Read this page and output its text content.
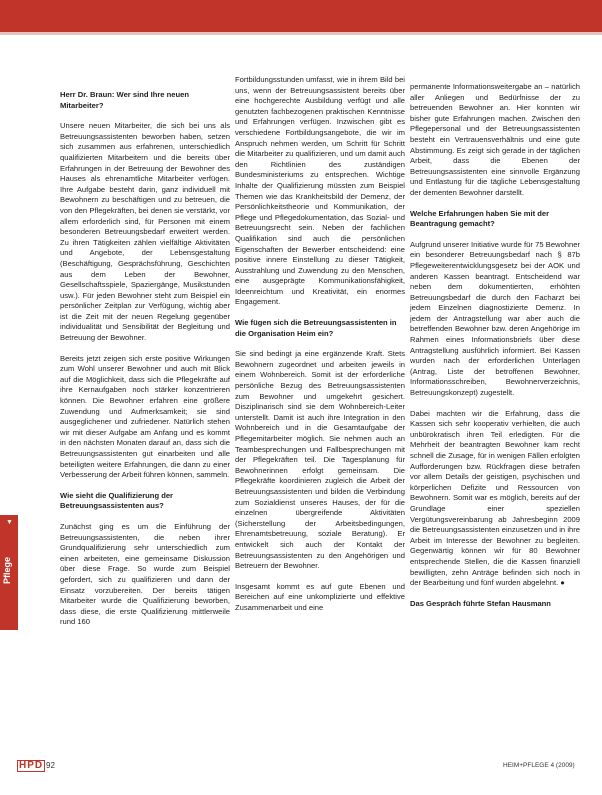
▼
Pflege
Herr Dr. Braun: Wer sind Ihre neuen Mitarbeiter?
Unsere neuen Mitarbeiter, die sich bei uns als Betreuungsassistenten beworben haben, setzen sich zusammen aus erfahrenen, unterschiedlich qualifizierten Mitarbeitern und die bereits über Erfahrungen in der Betreuung der Bewohner des Hauses als ehrenamtliche Mitarbeiter verfügen. Ihre Aufgabe besteht darin, ganz individuell mit Bewohnern zu beschäftigen und zu betreuen, die von den Pflegekräften, bei denen sie verstärkt, vor allem erforderlich sind, für Personen mit einem besonderen Betreuungsbedarf erweitert werden. Zu ihren Tätigkeiten zählen vielfältige Aktivitäten und Angebote, der Lebensgestaltung (Beschäftigung, Gesprächsführung, Geschichten aus dem Leben der Bewohner, Gesellschaftsspiele, Spaziergänge, Musikstunden usw.). Für jeden Bewohner steht zum Beispiel ein persönlicher Zeitplan zur Verfügung, wichtig aber ist die Zeit mit der neuen Regelung gegenüber individualität und Sensibilität der Begleitung und Betreuung der Bewohner.
Bereits jetzt zeigen sich erste positive Wirkungen zum Wohl unserer Bewohner und auch mit Blick auf die Möglichkeit, dass sich die Pflegekräfte auf ihre Kernaufgaben noch stärker konzentrieren können. Die Bewohner erfahren eine größere Zuwendung und Aufmerksamkeit; sie sind ausgeglichener und zufriedener. Natürlich stehen wir mit dieser Aufgabe am Anfang und es kommt in den nächsten Monaten darauf an, dass sich die Betreuungsassistenten gut einarbeiten und alle beteiligten weitere Erfahrungen, die dann zu einer Verbesserung der Arbeit führen können, sammeln.
Wie sieht die Qualifizierung der Betreuungsassistenten aus?
Zunächst ging es um die Einführung der Betreuungsassistenten, die neben ihrer Grundqualifizierung sehr unterschiedlich zum einen arbeiteten, eine gemeinsame Diskussion über diese Frage. So wurde zum Beispiel gefordert, sich zu qualifizieren und dann der Einsatz vorzubereiten. Der bereits tätigen Mitarbeiter wurde die Qualifizierung beworben, dass diese, die erste Qualifizierung mittlerweile rund 160
Fortbildungsstunden umfasst, wie in ihrem Bild bei uns, wenn der Betreuungsassistent bereits über eine hochgerechte Ausbildung verfügt und alle genutzten fachbezogenen praktischen Kenntnisse und Erfahrungen verfügen. Inzwischen gibt es verschiedene Fortbildungsangebote, die wir im Anspruch nehmen werden, um Schritt für Schritt die Mitarbeiter zu qualifizieren, und um damit auch den Richtlinien des zuständigen Bundesministeriums zu entsprechen. Wichtige Inhalte der Qualifizierung müssten zum Beispiel Themen wie das Krankheitsbild der Demenz, der Persönlichkeitstheorie und Kommunikation, der Pflege und Pflegedokumentation, das Sozial- und Betreuungsrecht sein. Neben der fachlichen Qualifikation sind auch die persönlichen Eigenschaften der Bewerber entscheidend: eine positive innere Einstellung zu dieser Tätigkeit, Ausstrahlung und Zuwendung zu den Menschen, eine ausgeprägte Kommunikationsfähigkeit, Ideenreichtum und Kreativität, ein enormes Engagement.
Wie fügen sich die Betreuungsassistenten in die Organisation Heim ein?
Sie sind bedingt ja eine ergänzende Kraft. Stets Bewohnern zugeordnet und arbeiten jeweils in einem Wohnbereich. Somit ist der erforderliche persönliche Bezug des Betreuungsassistenten zum Bewohner und umgekehrt gesichert. Disziplinarisch sind sie dem Wohnbereich-Leiter unterstellt. Damit ist auch ihre Integration in den Wohnbereich und in die Gesamtaufgabe der Pflegemitarbeiter möglich. Sie nehmen auch an Teambesprechungen und Fallbesprechungen mit der Pflegekräften teil. Die Tagesplanung für Bewohnerinnen erfolgt gemeinsam. Die Pflegekräfte koordinieren zugleich die Arbeit der Betreuungsassistenten und bilden die Verbindung zum Sozialdienst unseres Hauses, der für die einzelnen übergreifende Aktivitäten (Sicherstellung der Arbeitsbedingungen, Ehrenamtsbetreuung, soziale Beratung). Er entwickelt sich auch der Kontakt der Betreuungsassistenten zu den Angehörigen und Betreuern der Bewohner.
Insgesamt kommt es auf gute Ebenen und Bereichen auf eine unkomplizierte und effektive Zusammenarbeit und eine
permanente Informationsweitergabe an – natürlich aller Anliegen und Bedürfnisse der zu betreuenden Bewohner an. Hier konnten wir bisher gute Erfahrungen machen. Zwischen den Pflegepersonal und der Betreuungsassistenten besteht ein Vertrauensverhältnis und eine gute Abstimmung. Es zeigt sich gerade in der täglichen Arbeit, dass die Ebenen der Betreuungsassistenten eine sinnvolle Ergänzung und Entlastung für die tägliche Lebensgestaltung der dementen Bewohner darstellt.
Welche Erfahrungen haben Sie mit der Beantragung gemacht?
Aufgrund unserer Initiative wurde für 75 Bewohner ein besonderer Betreuungsbedarf nach § 87b Pflegeweiterentwicklungsgesetz bei der AOK und anderen Kassen beantragt. Entscheidend war neben dem dokumentierten, erhöhten Betreuungsbedarf die durch den Facharzt bei jedem Einzelnen diagnostizierte Demenz. In jedem der Antragstellung war aber auch die betreffenden Bewohner bzw. deren Angehörige im Rahmen eines Informationsbriefs über diese Antragstellung ausführlich informiert. Bei Kassen wurden nach der erforderlichen Unterlagen (Antrag, Liste der betroffenen Bewohner, Informationsschreiben, Bewohnerverzeichnis, Betreuungskonzept) zugestellt.
Dabei machten wir die Erfahrung, dass die Kassen sich sehr kooperativ verhielten, die auch unbürokratisch ihren Teil erledigten. Für die Mehrheit der beantragten Bewohner kam recht schnell die Zusage, für in wenigen Fällen erfolgten Aufforderungen bzw. Rückfragen diese betrafen vor allem Details der geistigen, psychischen und körperlichen Defizite und Ressourcen von Bewohnern. Somit war es möglich, bereits auf der Grundlage einer speziellen Vergütungsvereinbarung ab Jahresbeginn 2009 die Betreuungsassistenten einzusetzen und in ihre Arbeit im Interesse der Bewohner zu begleiten. Gegenwärtig können wir für 80 Bewohner entsprechende Stellen, die die Kassen finanziell bewilligten, zehn Anträge befinden sich noch in der Bearbeitung und fünf wurden abgelehnt. ●
Das Gespräch führte Stefan Hausmann
HPD 92	HEIM+PFLEGE 4 (2009)
